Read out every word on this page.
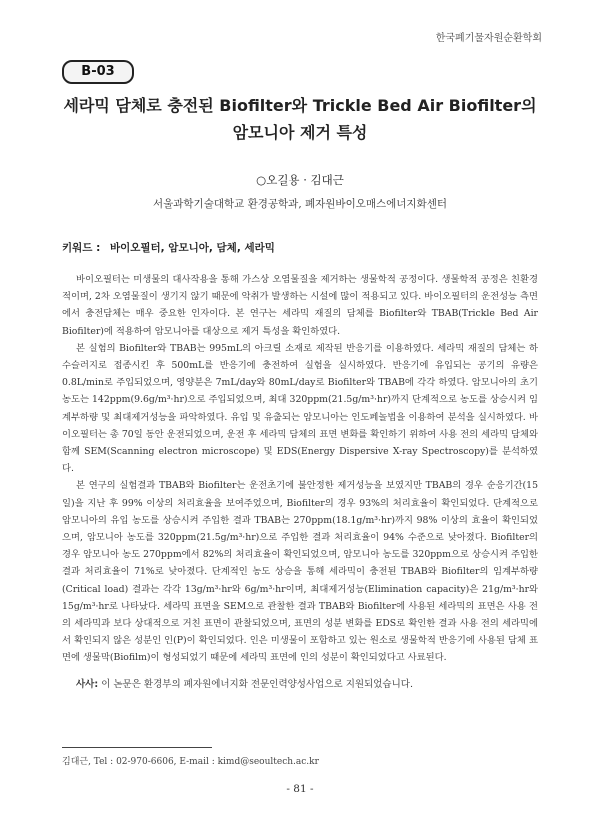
한국폐기물자원순환학회
B-03
세라믹 담체로 충전된 Biofilter와 Trickle Bed Air Biofilter의
암모니아 제거 특성
○오길용 · 김대근
서울과학기술대학교 환경공학과, 폐자원바이오매스에너지화센터
키워드 : 바이오필터, 암모니아, 담체, 세라믹

바이오필터는 미생물의 대사작용을 통해 가스상 오염물질을 제거하는 생물학적 공정이다. 생물학적 공정은 친환경적이며, 2차 오염물질이 생기지 않기 때문에 악취가 발생하는 시설에 많이 적용되고 있다. 바이오필터의 운전성능 측면에서 충전담체는 매우 중요한 인자이다. 본 연구는 세라믹 재질의 담체를 Biofilter와 TBAB(Trickle Bed Air Biofilter)에 적용하여 암모니아를 대상으로 제거 특성을 확인하였다.

본 실험의 Biofilter와 TBAB는 995mL의 아크릴 소재로 제작된 반응기를 이용하였다. 세라믹 재질의 담체는 하수슬러지로 접종시킨 후 500mL를 반응기에 충전하여 실험을 실시하였다. 반응기에 유입되는 공기의 유량은 0.8L/min로 주입되었으며, 영양분은 7mL/day와 80mL/day로 Biofilter와 TBAB에 각각 하였다. 암모니아의 초기 농도는 142ppm(9.6g/m³·hr)으로 주입되었으며, 최대 320ppm(21.5g/m³·hr)까지 단계적으로 농도를 상승시켜 임계부하량 및 최대제거성능을 파악하였다. 유입 및 유출되는 암모니아는 인도페놀법을 이용하여 분석을 실시하였다. 바이오필터는 총 70일 동안 운전되었으며, 운전 후 세라믹 담체의 표면 변화를 확인하기 위하여 사용 전의 세라믹 담체와 함께 SEM(Scanning electron microscope) 및 EDS(Energy Dispersive X-ray Spectroscopy)를 분석하였다.

본 연구의 실험결과 TBAB와 Biofilter는 운전초기에 불안정한 제거성능을 보였지만 TBAB의 경우 순응기간(15일)을 지난 후 99% 이상의 처리효율을 보여주었으며, Biofilter의 경우 93%의 처리효율이 확인되었다. 단계적으로 암모니아의 유입 농도를 상승시켜 주입한 결과 TBAB는 270ppm(18.1g/m³·hr)까지 98% 이상의 효율이 확인되었으며, 암모니아 농도를 320ppm(21.5g/m³·hr)으로 주입한 결과 처리효율이 94% 수준으로 낮아졌다. Biofilter의 경우 암모니아 농도 270ppm에서 82%의 처리효율이 확인되었으며, 암모니아 농도를 320ppm으로 상승시켜 주입한 결과 처리효율이 71%로 낮아졌다. 단계적인 농도 상승을 통해 세라믹이 충전된 TBAB와 Biofilter의 임계부하량(Critical load) 결과는 각각 13g/m³·hr와 6g/m³·hr이며, 최대제거성능(Elimination capacity)은 21g/m³·hr와 15g/m³·hr로 나타났다. 세라믹 표면을 SEM으로 관찰한 결과 TBAB와 Biofilter에 사용된 세라믹의 표면은 사용 전의 세라믹과 보다 상대적으로 거친 표면이 관찰되었으며, 표면의 성분 변화를 EDS로 확인한 결과 사용 전의 세라믹에서 확인되지 않은 성분인 인(P)이 확인되었다. 인은 미생물이 포함하고 있는 원소로 생물학적 반응기에 사용된 담체 표면에 생물막(Biofilm)이 형성되었기 때문에 세라믹 표면에 인의 성분이 확인되었다고 사료된다.

사사: 이 논문은 환경부의 폐자원에너지화 전문인력양성사업으로 지원되었습니다.
김대근, Tel : 02-970-6606, E-mail : kimd@seoultech.ac.kr
- 81 -
